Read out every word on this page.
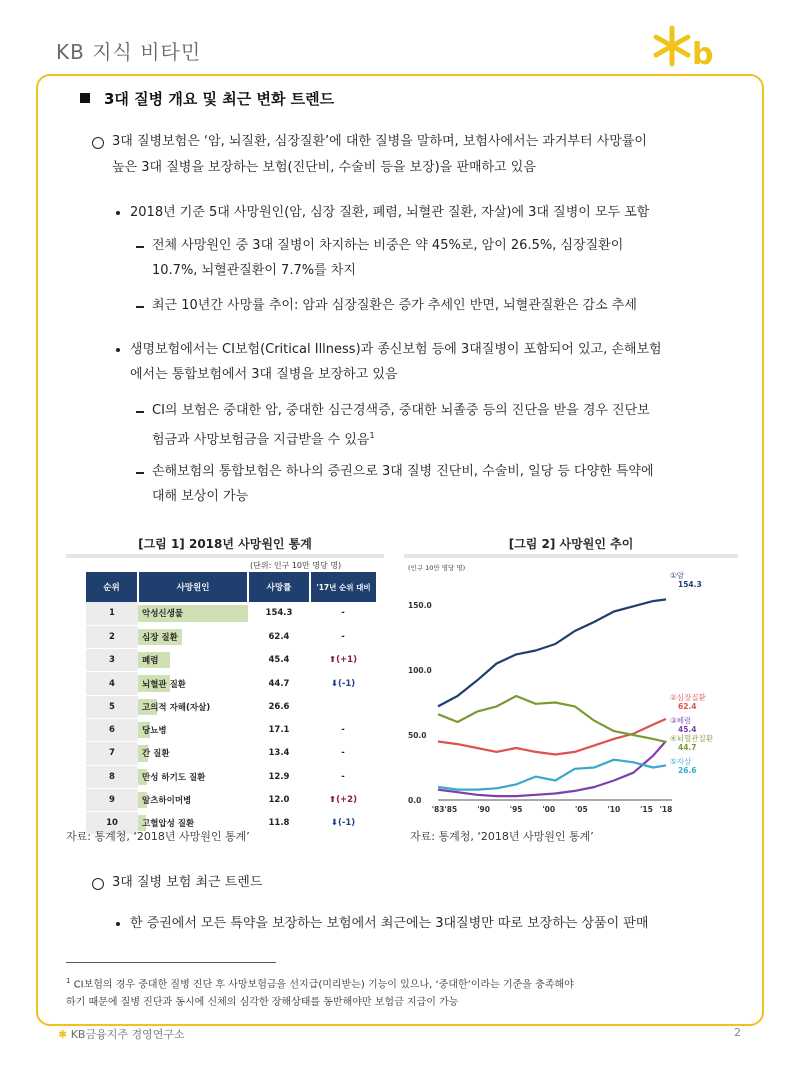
KB 지식 비타민	b
3대 질병 개요 및 최근 변화 트렌드
3대 질병보험은 ‘암, 뇌질환, 심장질환’에 대한 질병을 말하며, 보험사에서는 과거부터 사망률이
높은 3대 질병을 보장하는 보험(진단비, 수술비 등을 보장)을 판매하고 있음
2018년 기준 5대 사망원인(암, 심장 질환, 폐렴, 뇌혈관 질환, 자살)에 3대 질병이 모두 포함
전체 사망원인 중 3대 질병이 차지하는 비중은 약 45%로, 암이 26.5%, 심장질환이
10.7%, 뇌혈관질환이 7.7%를 차지
최근 10년간 사망률 추이: 암과 심장질환은 증가 추세인 반면, 뇌혈관질환은 감소 추세
생명보험에서는 CI보험(Critical Illness)과 종신보험 등에 3대질병이 포함되어 있고, 손해보험
에서는 통합보험에서 3대 질병을 보장하고 있음
CI의 보험은 중대한 암, 중대한 심근경색증, 중대한 뇌졸중 등의 진단을 받을 경우 진단보
험금과 사망보험금을 지급받을 수 있음$^1$
손해보험의 통합보험은 하나의 증권으로 3대 질병 진단비, 수술비, 일당 등 다양한 특약에
대해 보상이 가능
[그림 1] 2018년 사망원인 통계
(단위: 인구 10만 명당 명)
순위	사망원인	사망률	'17년 순위 대비
1	악성신생물	154.3	-
2	심장 질환	62.4	-
3	폐렴	45.4	⬆(+1)
4	뇌혈관 질환	44.7	⬇(-1)
5	고의적 자해(자살)	26.6	
6	당뇨병	17.1	-
7	간 질환	13.4	-
8	만성 하기도 질환	12.9	-
9	알츠하이머병	12.0	⬆(+2)
10	고혈압성 질환	11.8	⬇(-1)
자료: 통계청, ‘2018년 사망원인 통계’
[그림 2] 사망원인 추이
(인구 10만 명당 명)
0.0
50.0
100.0
150.0
'83'85	'90	'95	'00	'05	'10	'15 '18
①암
154.3
②심장질환
62.4
③폐렴
45.4
④뇌혈관질환
44.7
⑤자살
26.6
자료: 통계청, ‘2018년 사망원인 통계’
3대 질병 보험 최근 트렌드
한 증권에서 모든 특약을 보장하는 보험에서 최근에는 3대질병만 따로 보장하는 상품이 판매
$^1$ CI보험의 경우 중대한 질병 진단 후 사망보험금을 선지급(미리받는) 기능이 있으나, ‘중대한’이라는 기준을 충족해야
하기 때문에 질병 진단과 동시에 신체의 심각한 장해상태를 동반해야만 보험금 지급이 가능
✱ KB금융지주 경영연구소	2
